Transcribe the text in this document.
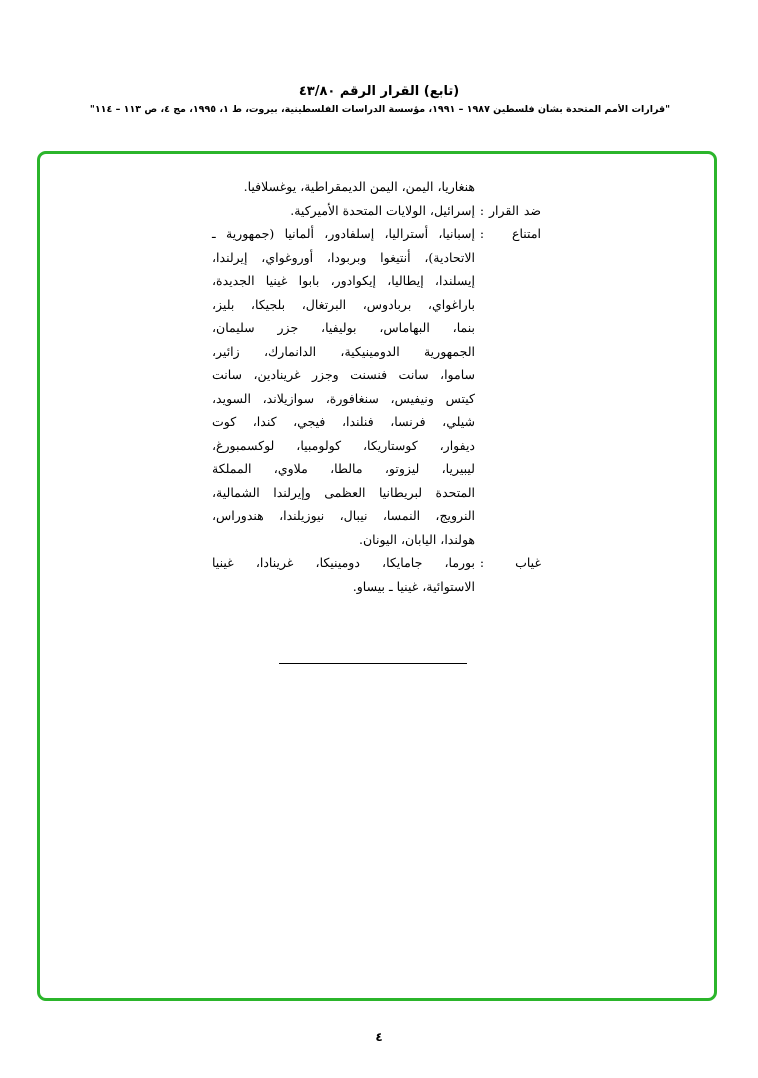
(تابع) القرار الرقم ٤٣/٨٠
"قرارات الأمم المتحدة بشأن فلسطين ١٩٨٧ – ١٩٩١، مؤسسة الدراسات الفلسطينية، بيروت، ط ١، ١٩٩٥، مج ٤، ص ١١٣ – ١١٤"
هنغاريا، اليمن، اليمن الديمقراطية، يوغسلافيا.
ضد القرار
:
إسرائيل، الولايات المتحدة الأميركية.
امتناع
:
إسبانيا، أستراليا، إسلفادور، ألمانيا (جمهورية ـ
الاتحادية)، أنتيغوا وبربودا، أوروغواي، إيرلندا،
إيسلندا، إيطاليا، إيكوادور، بابوا غينيا الجديدة،
باراغواي، بربادوس، البرتغال، بلجيكا، بليز،
بنما، البهاماس، بوليفيا، جزر سليمان،
الجمهورية الدومينيكية، الدانمارك، زائير،
ساموا، سانت فنسنت وجزر غرينادين، سانت
كيتس ونيفيس، سنغافورة، سوازيلاند، السويد،
شيلي، فرنسا، فنلندا، فيجي، كندا، كوت
ديفوار، كوستاريكا، كولومبيا، لوكسمبورغ،
ليبيريا، ليزوتو، مالطا، ملاوي، المملكة
المتحدة لبريطانيا العظمى وإيرلندا الشمالية،
النرويج، النمسا، نيبال، نيوزيلندا، هندوراس،
هولندا، اليابان، اليونان.
غياب
:
بورما، جامايكا، دومينيكا، غرينادا، غينيا
الاستوائية، غينيا ـ بيساو.
٤
